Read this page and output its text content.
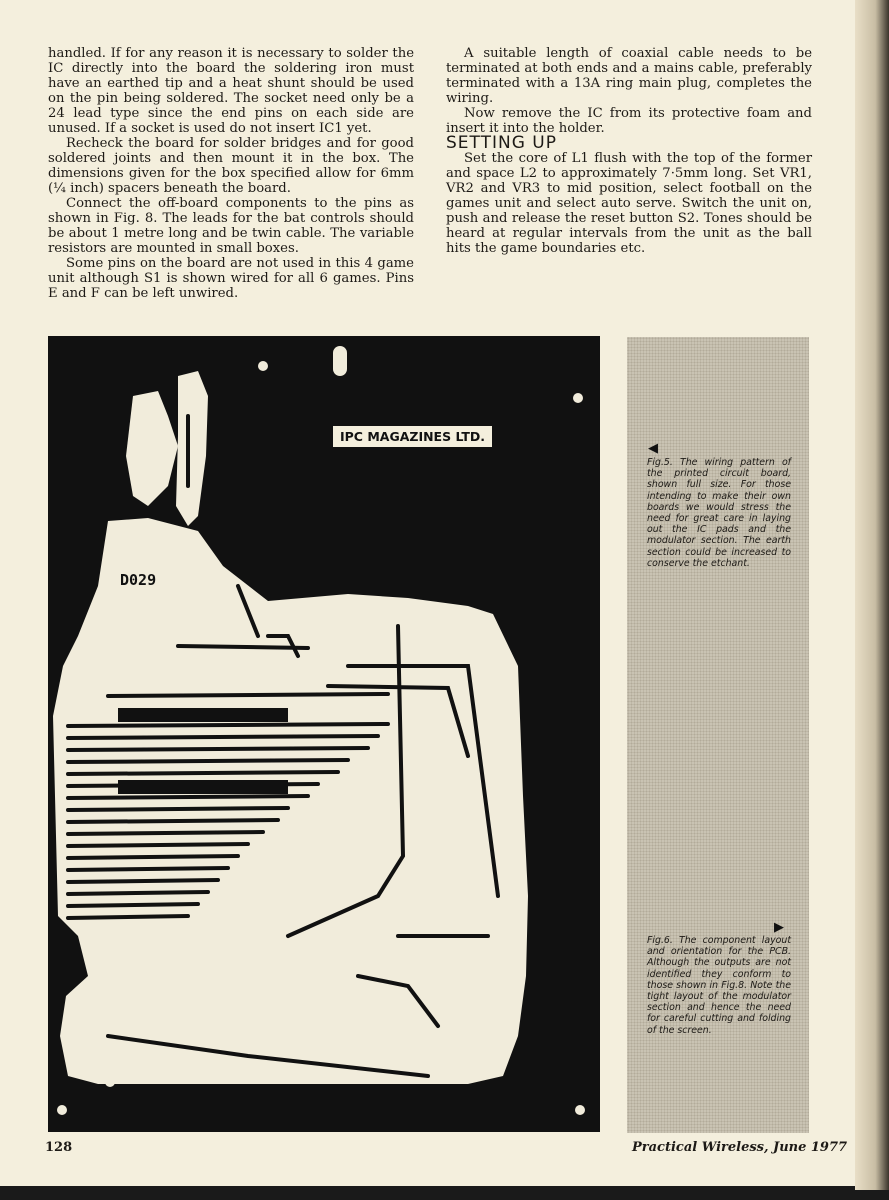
handled. If for any reason it is necessary to solder the IC directly into the board the soldering iron must have an earthed tip and a heat shunt should be used on the pin being soldered. The socket need only be a 24 lead type since the end pins on each side are unused. If a socket is used do not insert IC1 yet.

Recheck the board for solder bridges and for good soldered joints and then mount it in the box. The dimensions given for the box specified allow for 6mm (¼ inch) spacers beneath the board.

Connect the off-board components to the pins as shown in Fig. 8. The leads for the bat controls should be about 1 metre long and be twin cable. The variable resistors are mounted in small boxes.

Some pins on the board are not used in this 4 game unit although S1 is shown wired for all 6 games. Pins E and F can be left unwired.

A suitable length of coaxial cable needs to be terminated at both ends and a mains cable, preferably terminated with a 13A ring main plug, completes the wiring.

Now remove the IC from its protective foam and insert it into the holder.

SETTING UP

Set the core of L1 flush with the top of the former and space L2 to approximately 7·5mm long. Set VR1, VR2 and VR3 to mid position, select football on the games unit and select auto serve. Switch the unit on, push and release the reset button S2. Tones should be heard at regular intervals from the unit as the ball hits the game boundaries etc.

IPC MAGAZINES LTD.
D029
◀
Fig.5. The wiring pattern of the printed circuit board, shown full size. For those intending to make their own boards we would stress the need for great care in laying out the IC pads and the modulator section. The earth section could be increased to conserve the etchant.
▶
Fig.6. The component layout and orientation for the PCB. Although the outputs are not identified they conform to those shown in Fig.8. Note the tight layout of the modulator section and hence the need for careful cutting and folding of the screen.
128	Practical Wireless, June 1977
